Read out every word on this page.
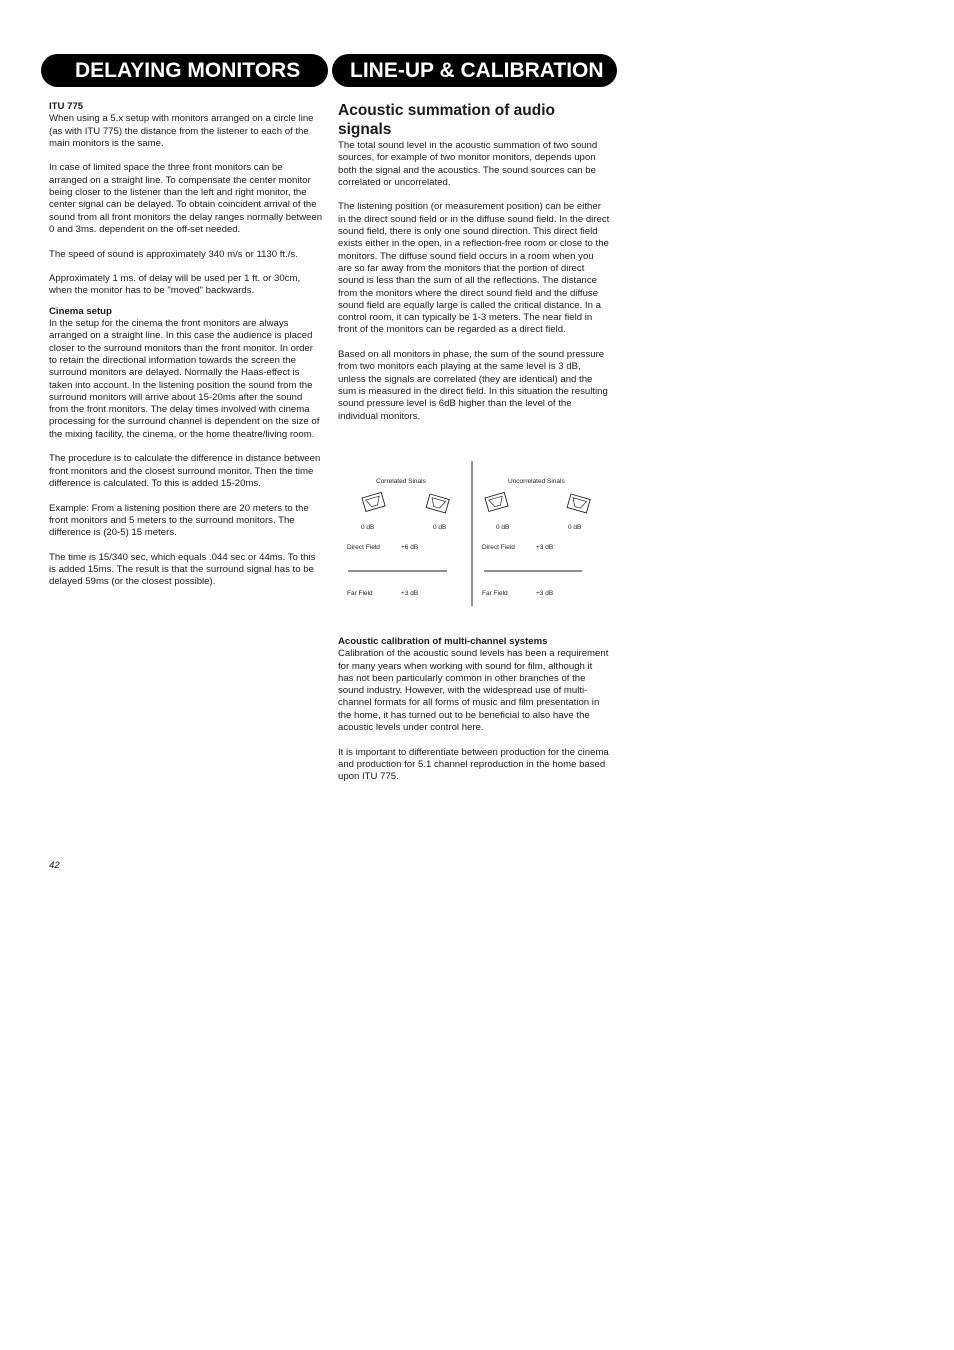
DELAYING MONITORS	LINE-UP & CALIBRATION
ITU 775

When using a 5.x setup with monitors arranged on a circle line (as with ITU 775) the distance from the listener to each of the main monitors is the same.

In case of limited space the three front monitors can be arranged on a straight line. To compensate the center monitor being closer to the listener than the left and right monitor, the center signal can be delayed. To obtain coincident arrival of the sound from all front monitors the delay ranges normally between 0 and 3ms. dependent on the off-set needed.

The speed of sound is approximately 340 m/s or 1130 ft./s.

Approximately 1 ms. of delay will be used per 1 ft. or 30cm, when the monitor has to be "moved" backwards.

Cinema setup

In the setup for the cinema the front monitors are always arranged on a straight line. In this case the audience is placed closer to the surround monitors than the front monitor. In order to retain the directional information towards the screen the surround monitors are delayed. Normally the Haas-effect is taken into account. In the listening position the sound from the surround monitors will arrive about 15-20ms after the sound from the front monitors. The delay times involved with cinema processing for the surround channel is dependent on the size of the mixing facility, the cinema, or the home theatre/living room.

The procedure is to calculate the difference in distance between front monitors and the closest surround monitor. Then the time difference is calculated. To this is added 15-20ms.

Example: From a listening position there are 20 meters to the front monitors and 5 meters to the surround monitors. The difference is (20-5) 15 meters.

The time is 15/340 sec, which equals .044 sec or 44ms. To this is added 15ms. The result is that the surround signal has to be delayed 59ms (or the closest possible).

Acoustic summation of audio signals

The total sound level in the acoustic summation of two sound sources, for example of two monitor monitors, depends upon both the signal and the acoustics. The sound sources can be correlated or uncorrelated.

The listening position (or measurement position) can be either in the direct sound field or in the diffuse sound field. In the direct sound field, there is only one sound direction. This direct field exists either in the open, in a reflection-free room or close to the monitors. The diffuse sound field occurs in a room when you are so far away from the monitors that the portion of direct sound is less than the sum of all the reflections. The distance from the monitors where the direct sound field and the diffuse sound field are equally large is called the critical distance. In a control room, it can typically be 1-3 meters. The near field in front of the monitors can be regarded as a direct field.

Based on all monitors in phase, the sum of the sound pressure from two monitors each playing at the same level is 3 dB, unless the signals are correlated (they are identical) and the sum is measured in the direct field. In this situation the resulting sound pressure level is 6dB higher than the level of the individual monitors.

Correlated Sinals
0 dB	0 dB
Direct Field	+6 dB
Far Field	+3 dB
Uncorrelated Sinals
0 dB	0 dB
Direct Field	+3 dB
Far Field	+3 dB
Acoustic calibration of multi-channel systems

Calibration of the acoustic sound levels has been a requirement for many years when working with sound for film, although it has not been particularly common in other branches of the sound industry. However, with the widespread use of multi-channel formats for all forms of music and film presentation in the home, it has turned out to be beneficial to also have the acoustic levels under control here.

It is important to differentiate between production for the cinema and production for 5.1 channel reproduction in the home based upon ITU 775.

42
